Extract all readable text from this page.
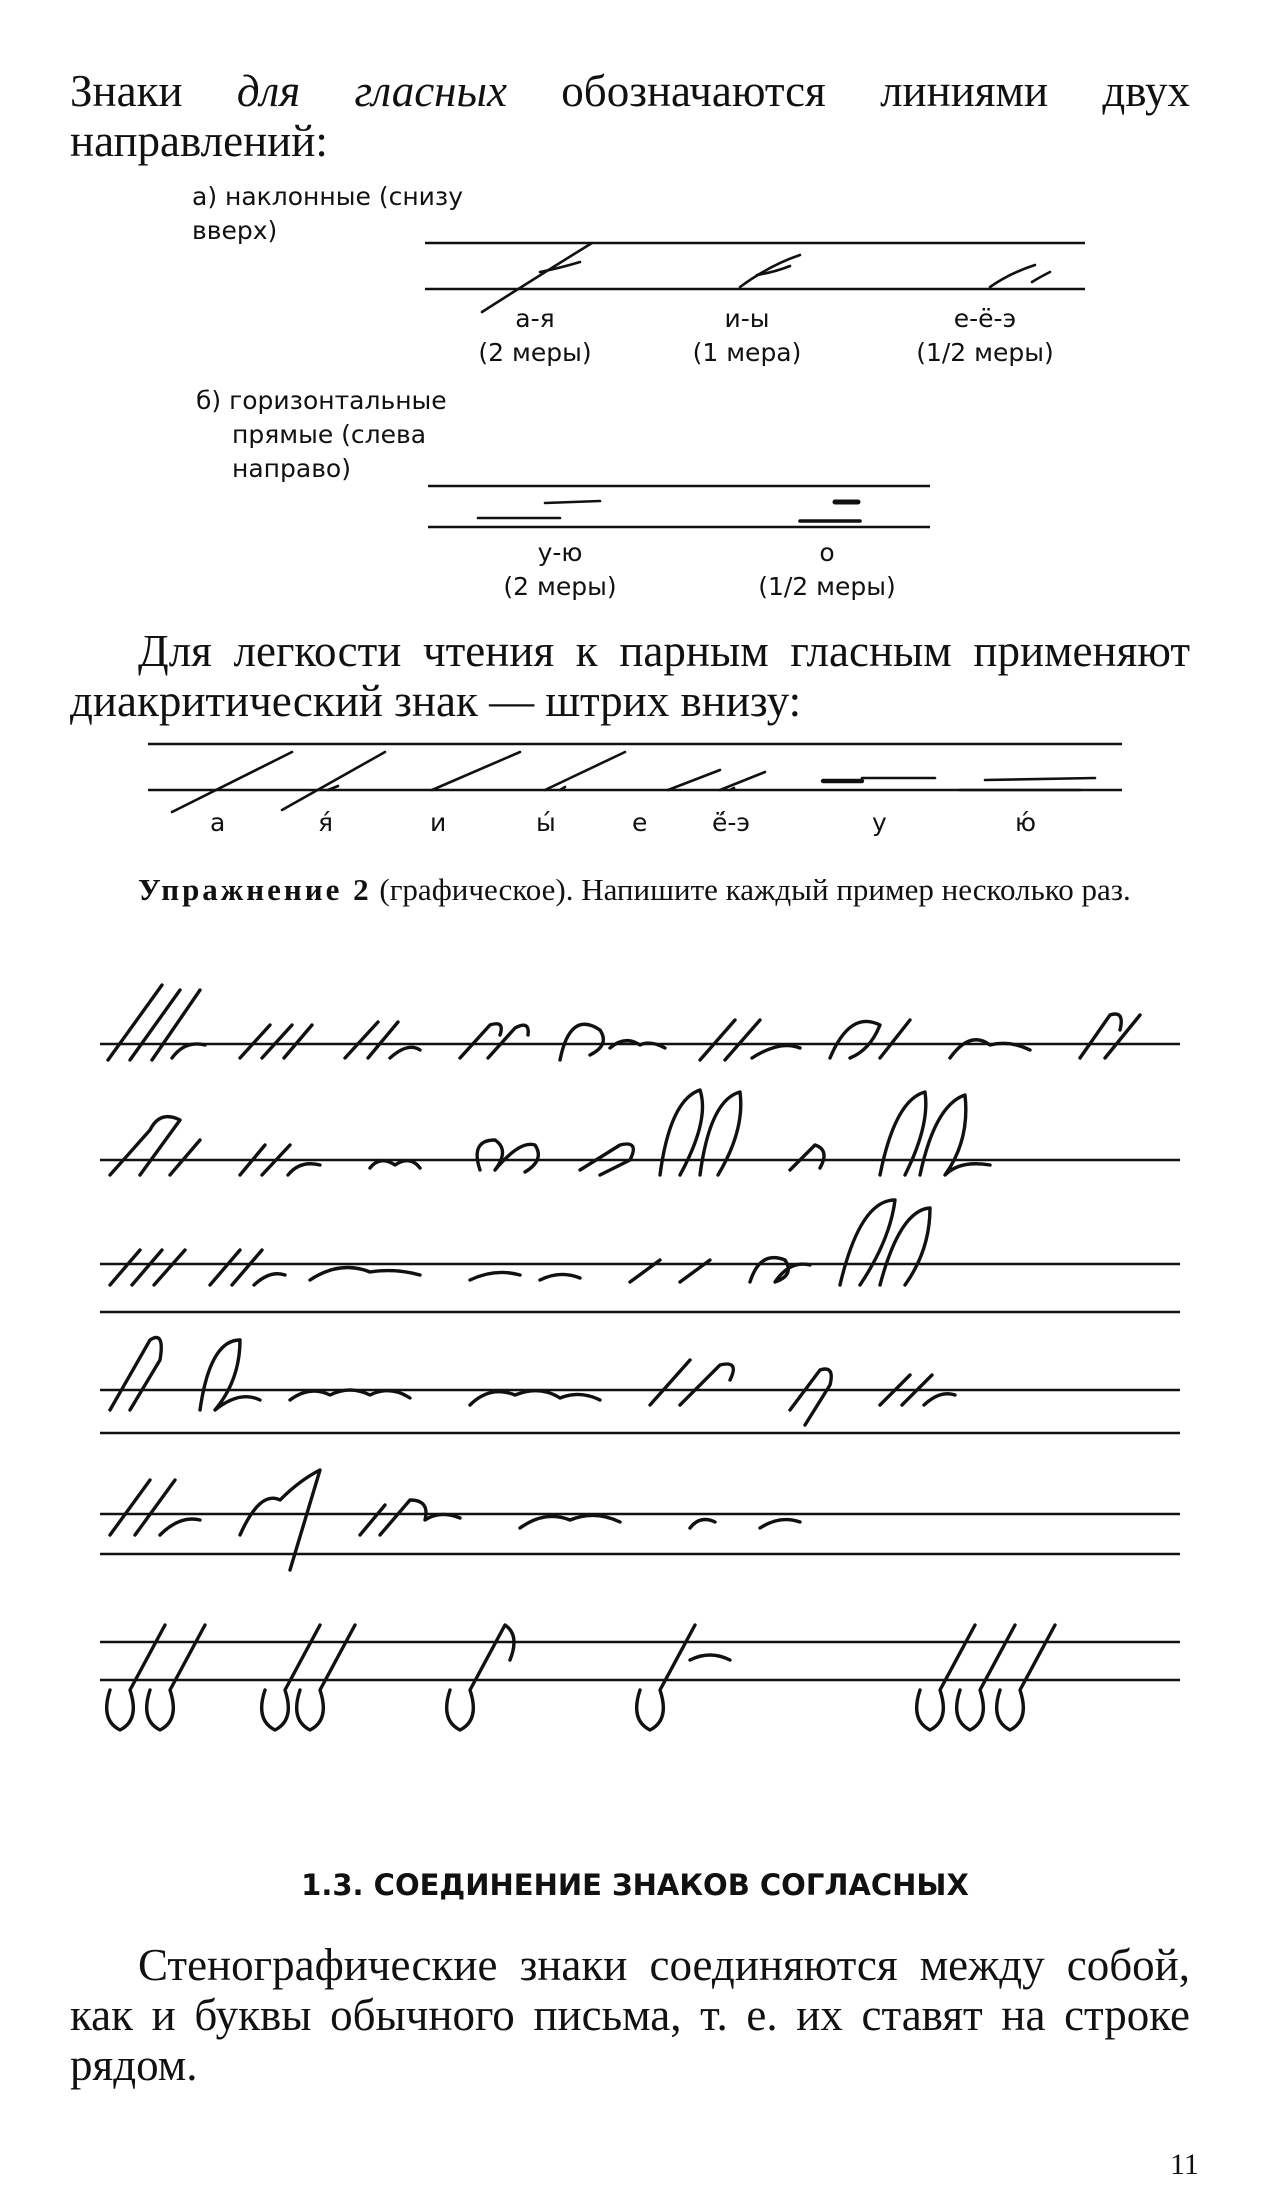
Знаки для гласных обозначаются линиями двух направлений:
а) наклонные (снизу
вверх)
а-я
(2 меры)
и-ы
(1 мера)
е-ё-э
(1/2 меры)
б) горизонтальные
прямые (слева
направо)
у-ю
(2 меры)
о
(1/2 меры)
Для легкости чтения к парным гласным применяют диакритический знак — штрих внизу:
а	я́	и	ы́	е	ё́-э	у	ю́
Упражнение 2 (графическое). Напишите каждый пример несколько раз.
1.3. СОЕДИНЕНИЕ ЗНАКОВ СОГЛАСНЫХ
Стенографические знаки соединяются между собой, как и буквы обычного письма, т. е. их ставят на строке рядом.
11
